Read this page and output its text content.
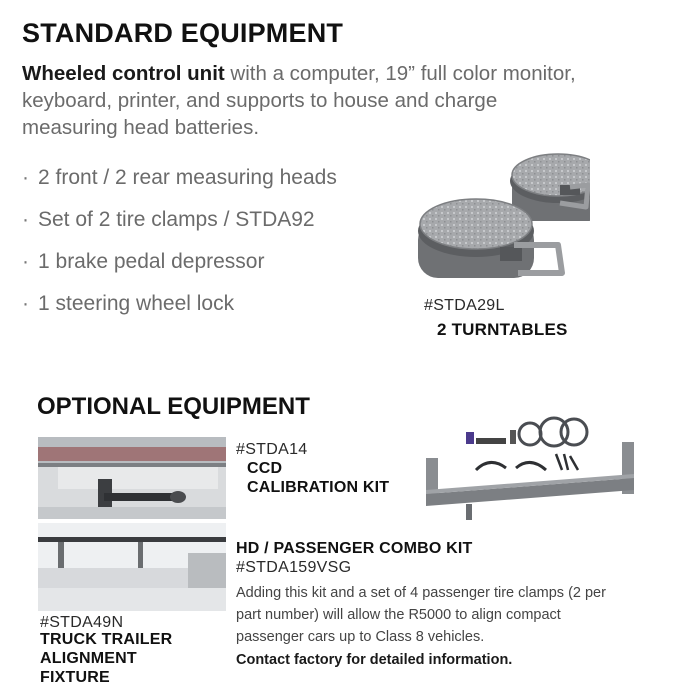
STANDARD EQUIPMENT
Wheeled control unit with a computer, 19” full color monitor, keyboard, printer, and supports to house and charge measuring head batteries.
· 2 front / 2 rear measuring heads
· Set of 2 tire clamps / STDA92
· 1 brake pedal depressor
· 1 steering wheel lock	#STDA29L
2 TURNTABLES
OPTIONAL EQUIPMENT
#STDA14
CCD
CALIBRATION KIT
HD / PASSENGER COMBO KIT
#STDA159VSG
Adding this kit and a set of 4 passenger tire clamps (2 per part number) will allow the R5000 to align compact passenger cars up to Class 8 vehicles.
Contact factory for detailed information.
#STDA49N
TRUCK TRAILER
ALIGNMENT
FIXTURE
